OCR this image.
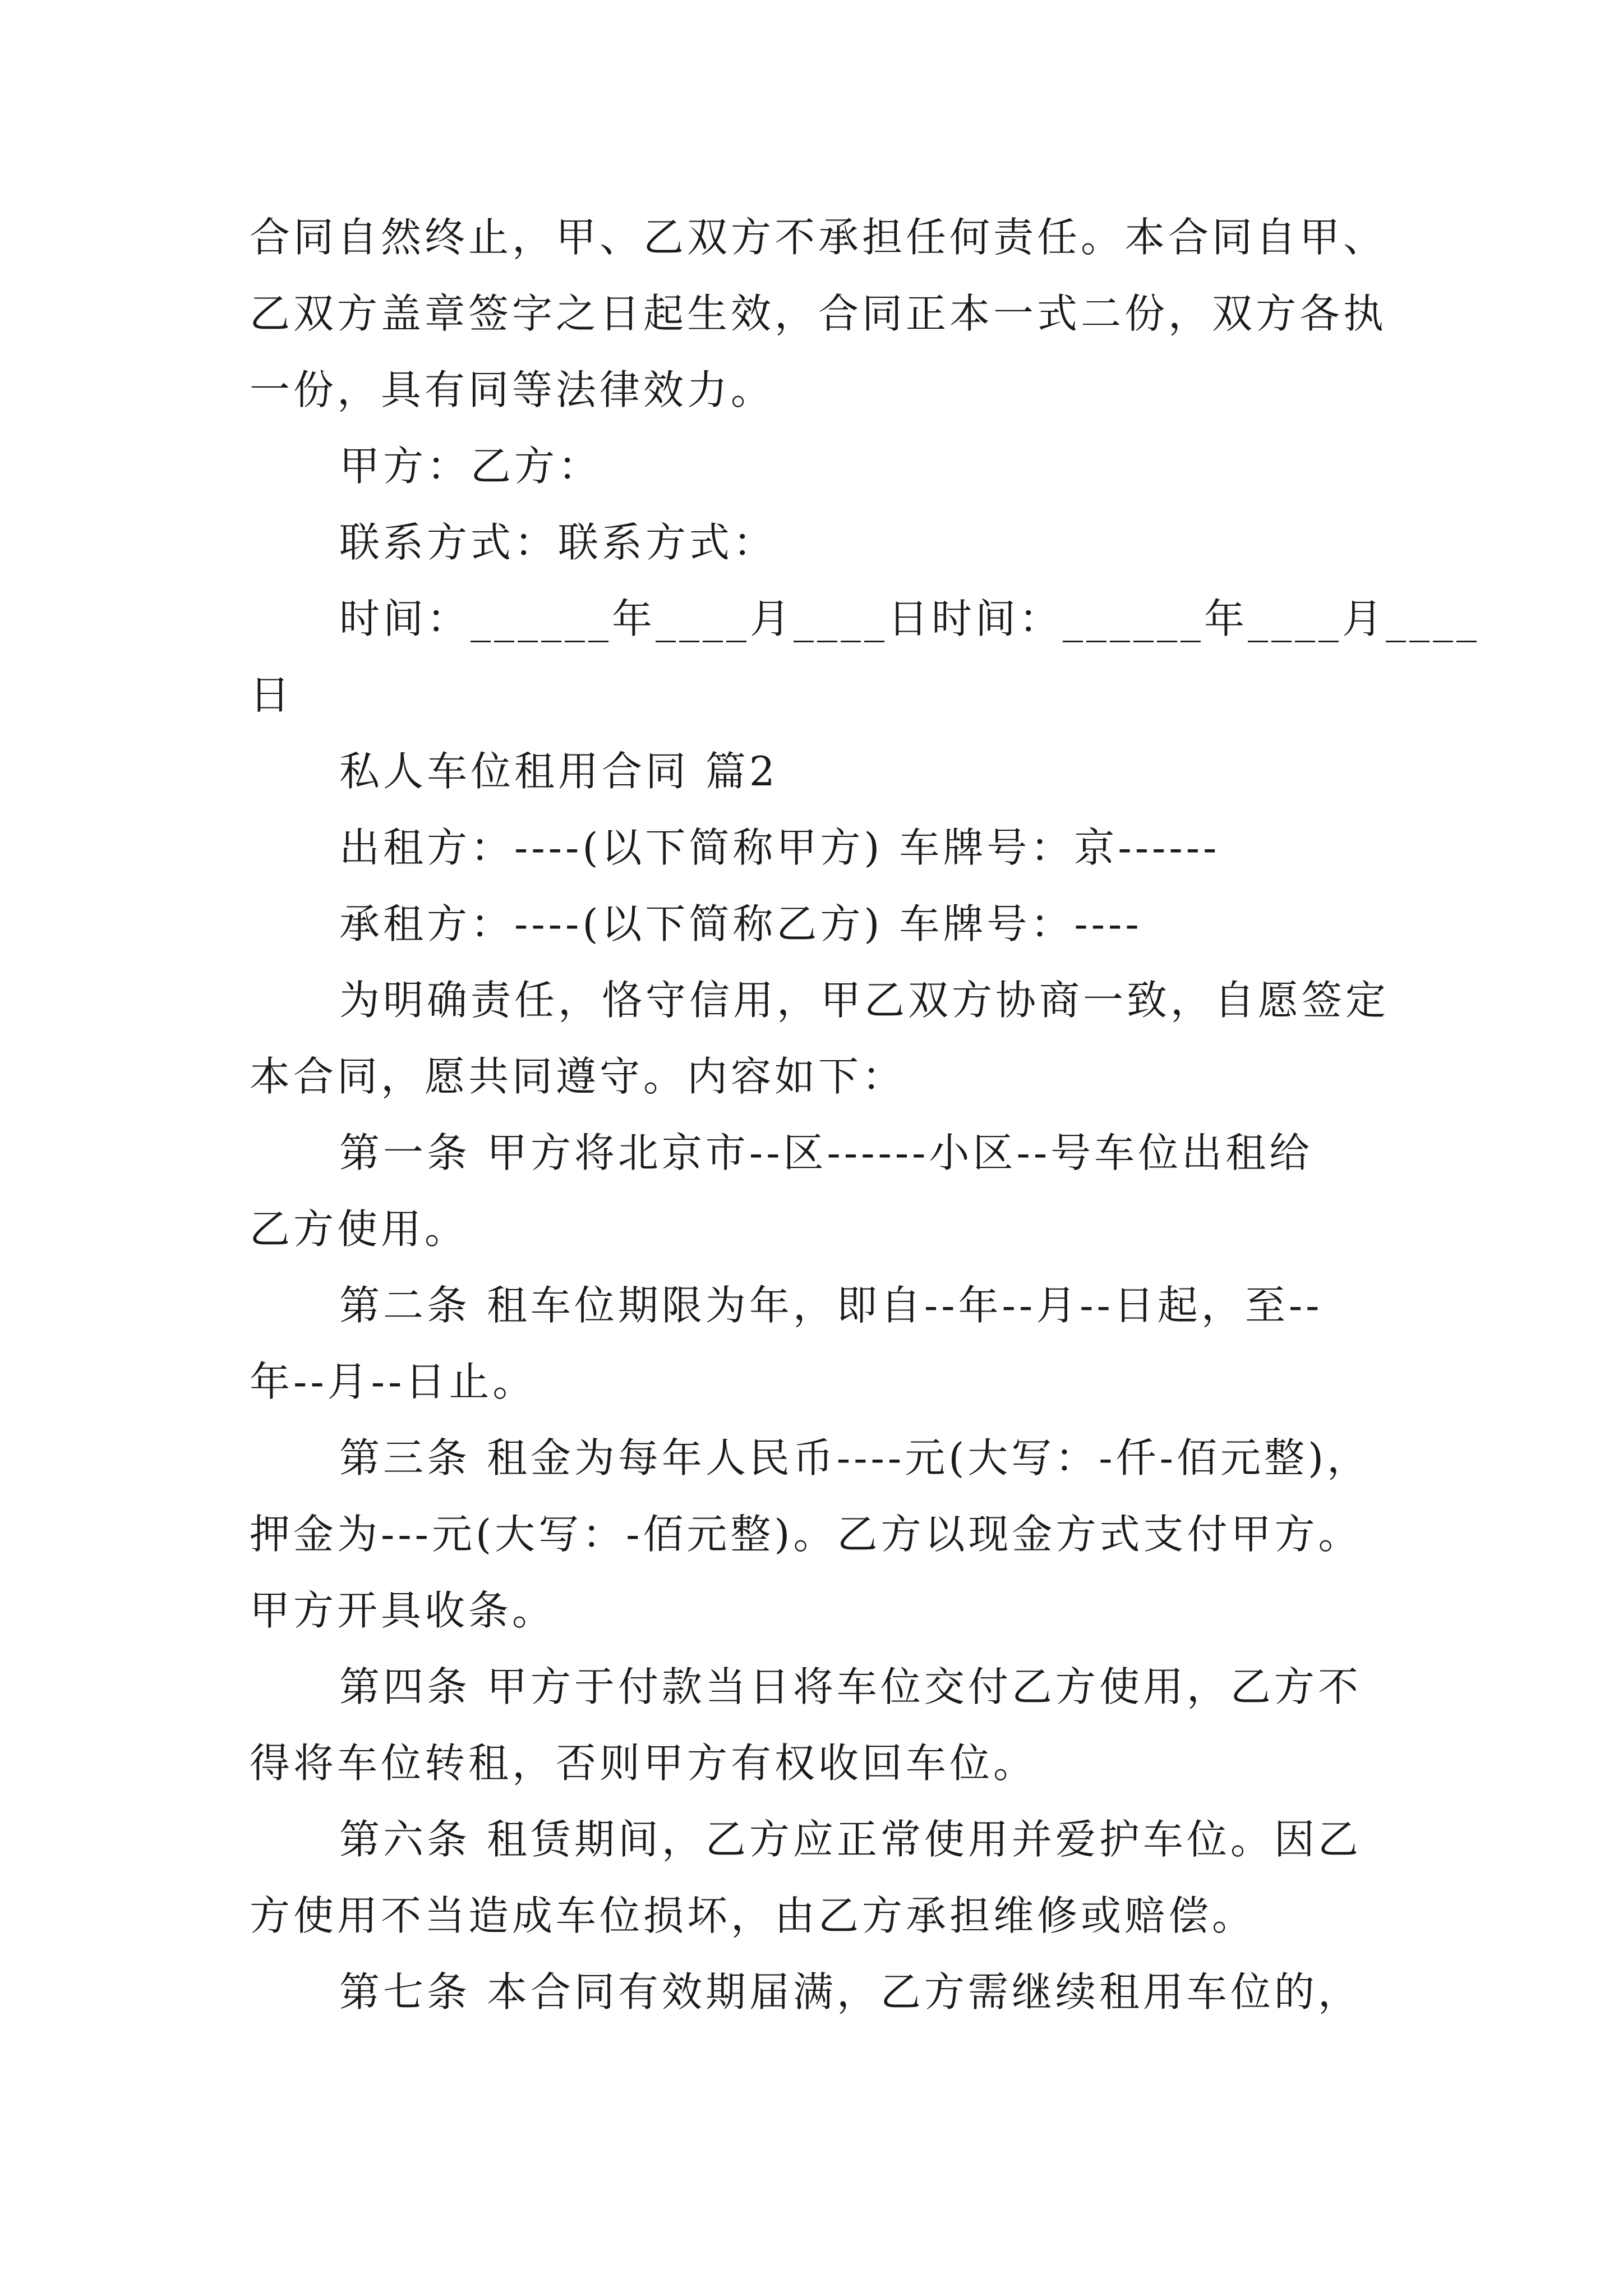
合同自然终止，甲、乙双方不承担任何责任。本合同自甲、
乙双方盖章签字之日起生效，合同正本一式二份，双方各执
一份，具有同等法律效力。
甲方：乙方：
联系方式：联系方式：
时间：______年____月____日时间：______年____月____
日
私人车位租用合同 篇2
出租方：----(以下简称甲方) 车牌号：京------
承租方：----(以下简称乙方) 车牌号：----
为明确责任，恪守信用，甲乙双方协商一致，自愿签定
本合同，愿共同遵守。内容如下：
第一条 甲方将北京市--区------小区--号车位出租给
乙方使用。
第二条 租车位期限为年，即自--年--月--日起，至--
年--月--日止。
第三条 租金为每年人民币----元(大写：-仟-佰元整)，
押金为---元(大写：-佰元整)。乙方以现金方式支付甲方。
甲方开具收条。
第四条 甲方于付款当日将车位交付乙方使用，乙方不
得将车位转租，否则甲方有权收回车位。
第六条 租赁期间，乙方应正常使用并爱护车位。因乙
方使用不当造成车位损坏，由乙方承担维修或赔偿。
第七条 本合同有效期届满，乙方需继续租用车位的，
